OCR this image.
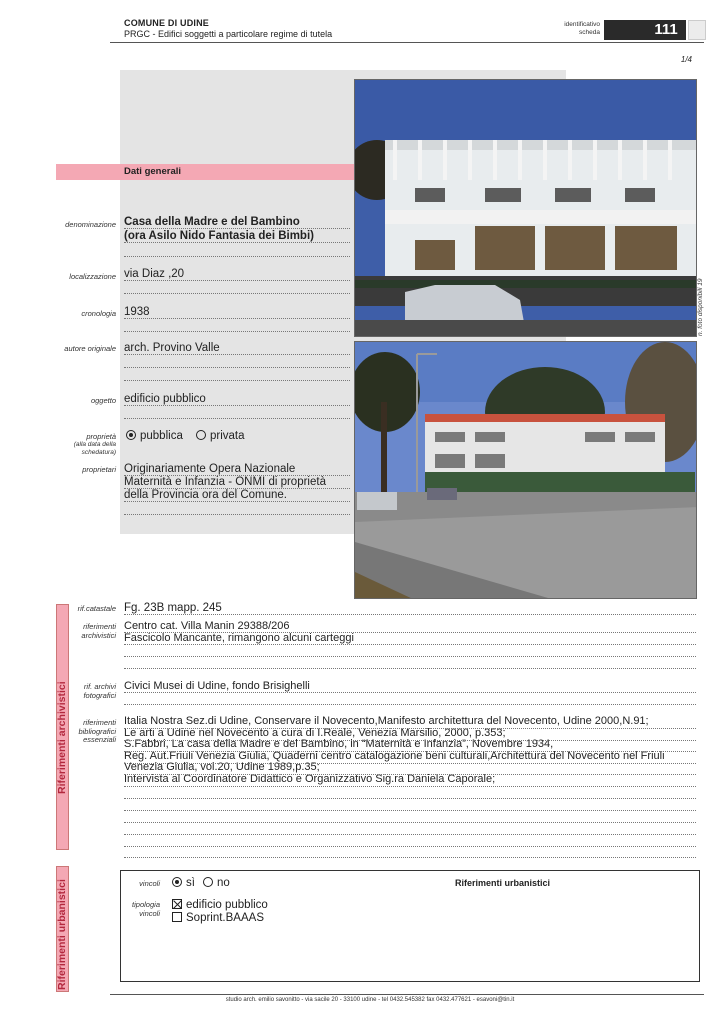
COMUNE DI UDINE
PRGC - Edifici soggetti a particolare regime di tutela
identificativo
scheda	111
1/4
Dati generali
denominazione Casa della Madre e del Bambino
(ora Asilo Nido Fantasia dei Bimbi)
localizzazione via Diaz ,20
cronologia 1938
autore originale arch. Provino Valle
oggetto edificio pubblico
proprietà
(alla data della
schedatura)
pubblica	privata
proprietari Originariamente Opera Nazionale
Maternità e Infanzia - ONMI di proprietà
della Provincia ora del Comune.
n. foto disponibili 19
Riferimenti archivistici
rif.catastale Fg. 23B mapp. 245
riferimenti
archivistici
Centro cat. Villa Manin 29388/206
Fascicolo Mancante, rimangono alcuni carteggi
rif. archivi
fotografici
Civici Musei di Udine, fondo Brisighelli
riferimenti
bibliografici
essenziali
Italia Nostra Sez.di Udine, Conservare il Novecento,Manifesto architettura del Novecento, Udine 2000,N.91;
Le arti a Udine nel Novecento a cura di I.Reale, Venezia Marsilio, 2000, p.353;
S.Fabbri, La casa della Madre e del Bambino, in “Maternità e Infanzia”, Novembre 1934,
Reg. Aut.Friuli Venezia Giulia, Quaderni centro catalogazione beni culturali,Architettura del Novecento nel Friuli
Venezia Giulia, vol.20, Udine 1989,p.35;
Intervista al Coordinatore Didattico e Organizzativo Sig.ra Daniela Caporale;
Riferimenti urbanistici	Riferimenti urbanistici
vincoli	sì	no
tipologia
vincoli
edificio pubblico
Soprint.BAAAS
studio arch. emilio savonitto - via sacile 20 - 33100 udine - tel 0432.545382 fax 0432.477621 - esavoni@tin.it
